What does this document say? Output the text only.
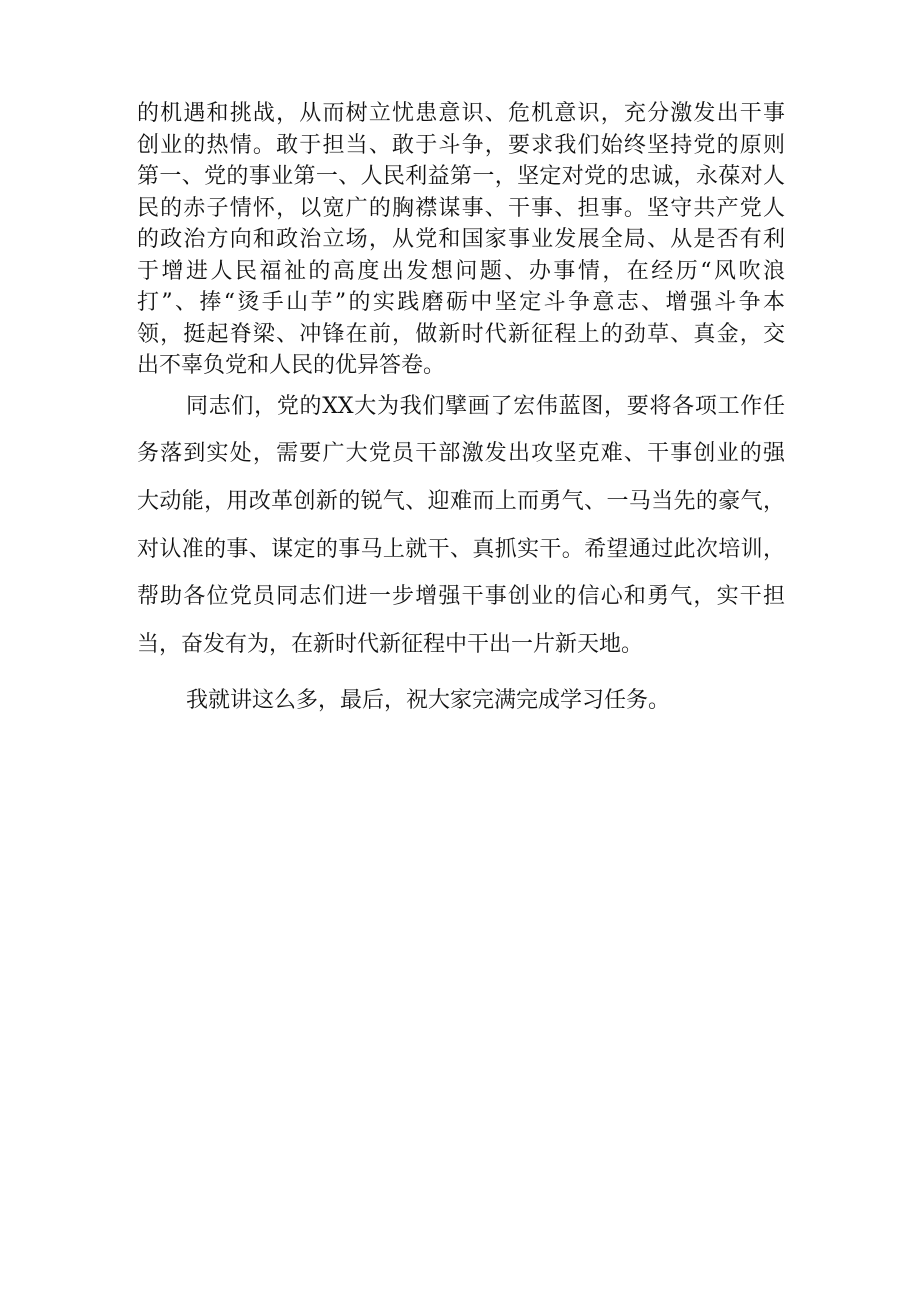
的机遇和挑战，从而树立忧患意识、危机意识，充分激发出干事

创业的热情。敢于担当、敢于斗争，要求我们始终坚持党的原则

第一、党的事业第一、人民利益第一，坚定对党的忠诚，永葆对人

民的赤子情怀，以宽广的胸襟谋事、干事、担事。坚守共产党人

的政治方向和政治立场，从党和国家事业发展全局、从是否有利

于增进人民福祉的高度出发想问题、办事情，在经历“风吹浪

打”、捧“烫手山芋”的实践磨砺中坚定斗争意志、增强斗争本

领，挺起脊梁、冲锋在前，做新时代新征程上的劲草、真金，交

出不辜负党和人民的优异答卷。

同志们，党的XX大为我们擘画了宏伟蓝图，要将各项工作任

务落到实处，需要广大党员干部激发出攻坚克难、干事创业的强

大动能，用改革创新的锐气、迎难而上而勇气、一马当先的豪气，

对认准的事、谋定的事马上就干、真抓实干。希望通过此次培训，

帮助各位党员同志们进一步增强干事创业的信心和勇气，实干担

当，奋发有为，在新时代新征程中干出一片新天地。

我就讲这么多，最后，祝大家完满完成学习任务。
